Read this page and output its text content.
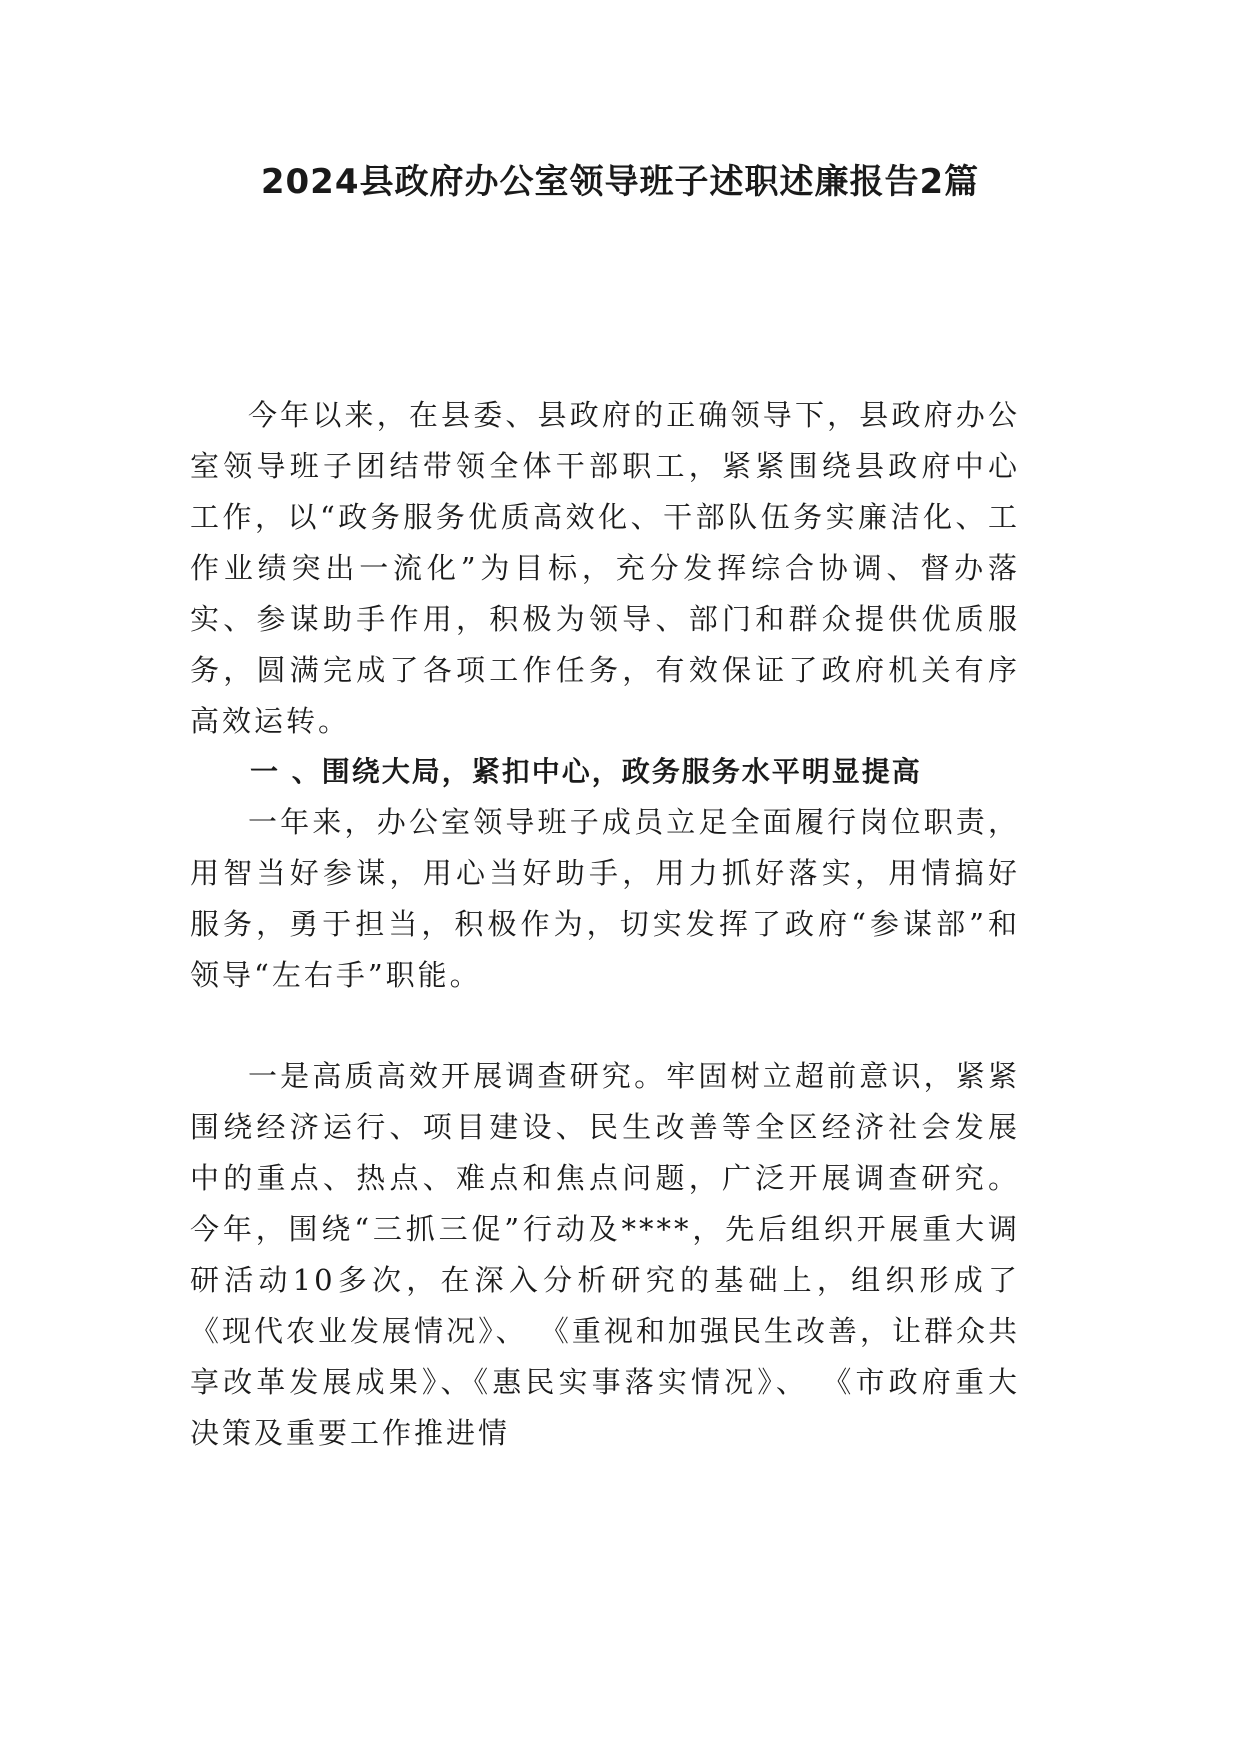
2024县政府办公室领导班子述职述廉报告2篇

今年以来，在县委、县政府的正确领导下，县政府办公室领导班子团结带领全体干部职工，紧紧围绕县政府中心工作，以“政务服务优质高效化、干部队伍务实廉洁化、工作业绩突出一流化”为目标，充分发挥综合协调、督办落实、参谋助手作用，积极为领导、部门和群众提供优质服务，圆满完成了各项工作任务，有效保证了政府机关有序高效运转。

一 、围绕大局，紧扣中心，政务服务水平明显提高

一年来，办公室领导班子成员立足全面履行岗位职责，用智当好参谋，用心当好助手，用力抓好落实，用情搞好服务，勇于担当，积极作为，切实发挥了政府“参谋部”和领导“左右手”职能。

一是高质高效开展调查研究。牢固树立超前意识，紧紧围绕经济运行、项目建设、民生改善等全区经济社会发展中的重点、热点、难点和焦点问题，广泛开展调查研究。今年，围绕“三抓三促”行动及****，先后组织开展重大调研活动10多次，在深入分析研究的基础上，组织形成了《现代农业发展情况》、 《重视和加强民生改善，让群众共享改革发展成果》、《惠民实事落实情况》、 《市政府重大决策及重要工作推进情
